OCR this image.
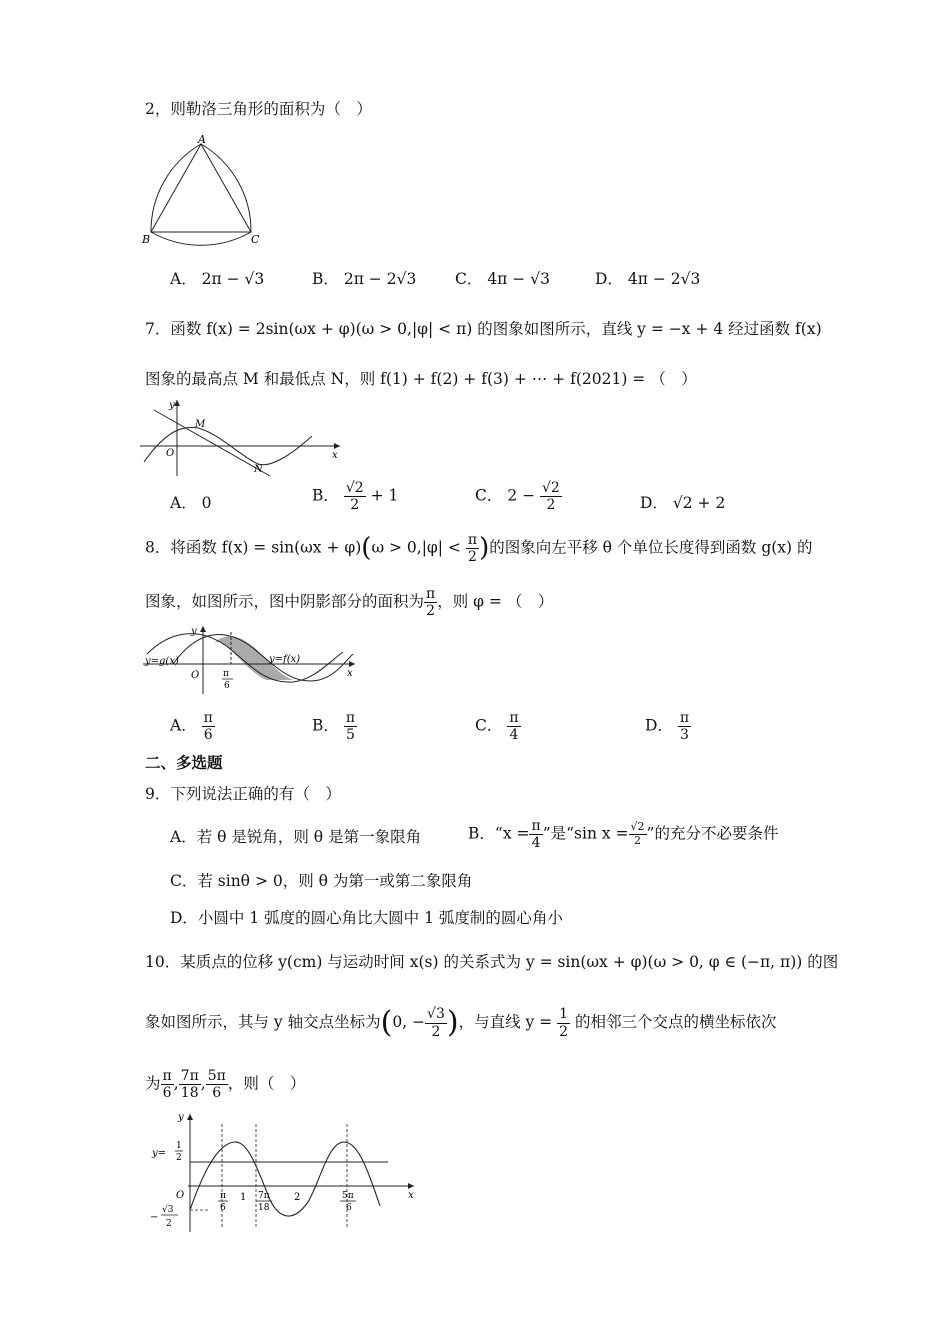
2，则勒洛三角形的面积为（　）
A
B	C
A． 2π − √3	B． 2π − 2√3 C． 4π − √3	D． 4π − 2√3
7．函数 f(x) = 2sin(ωx + φ)(ω > 0,|φ| < π) 的图象如图所示，直线 y = −x + 4 经过函数 f(x)
图象的最高点 M 和最低点 N，则 f(1) + f(2) + f(3) + ⋯ + f(2021) = （　）
y
x
O
M
N
A． 0	B． $\frac{√2}{2} + 1$	C． $2 - \frac{√2}{2}$	D． √2 + 2
8．将函数 $f(x) = \sin(\omega x + \varphi)(\omega > 0,|\varphi| < \frac{\pi}{2}$ )的图象向左平移 θ 个单位长度得到函数 g(x) 的
图象，如图所示，图中阴影部分的面积为 $\frac{\pi}{2}$ ，则 φ = （　）
y
x
O
y=g(x)	y=f(x)
π
6
A． $\frac{\pi}{6}$	B． $\frac{\pi}{5}$	C． $\frac{\pi}{4}$	D． $\frac{\pi}{3}$
二、多选题
9．下列说法正确的有（　）
A．若 θ 是锐角，则 θ 是第一象限角	B．“$x = \frac{\pi}{4}$ ”是“sin $x = \frac{√2}{2}$ ”的充分不必要条件
C．若 sinθ > 0，则 θ 为第一或第二象限角
D．小圆中 1 弧度的圆心角比大圆中 1 弧度制的圆心角小
10．某质点的位移 y(cm) 与运动时间 x(s) 的关系式为 y = sin(ωx + φ)(ω > 0, φ ∈ (−π, π)) 的图
象如图所示，其与 y 轴交点坐标为(0, − $\frac{√3}{2}$ )，与直线 $y = \frac{1}{2}$ 的相邻三个交点的横坐标依次
为 $\frac{\pi}{6}$ , $\frac{7\pi}{18}$ , $\frac{5\pi}{6}$ ，则（　）
y
x
O
y=
1
2
−
√3
2
π
6
1 7π
18
2	5π
6
